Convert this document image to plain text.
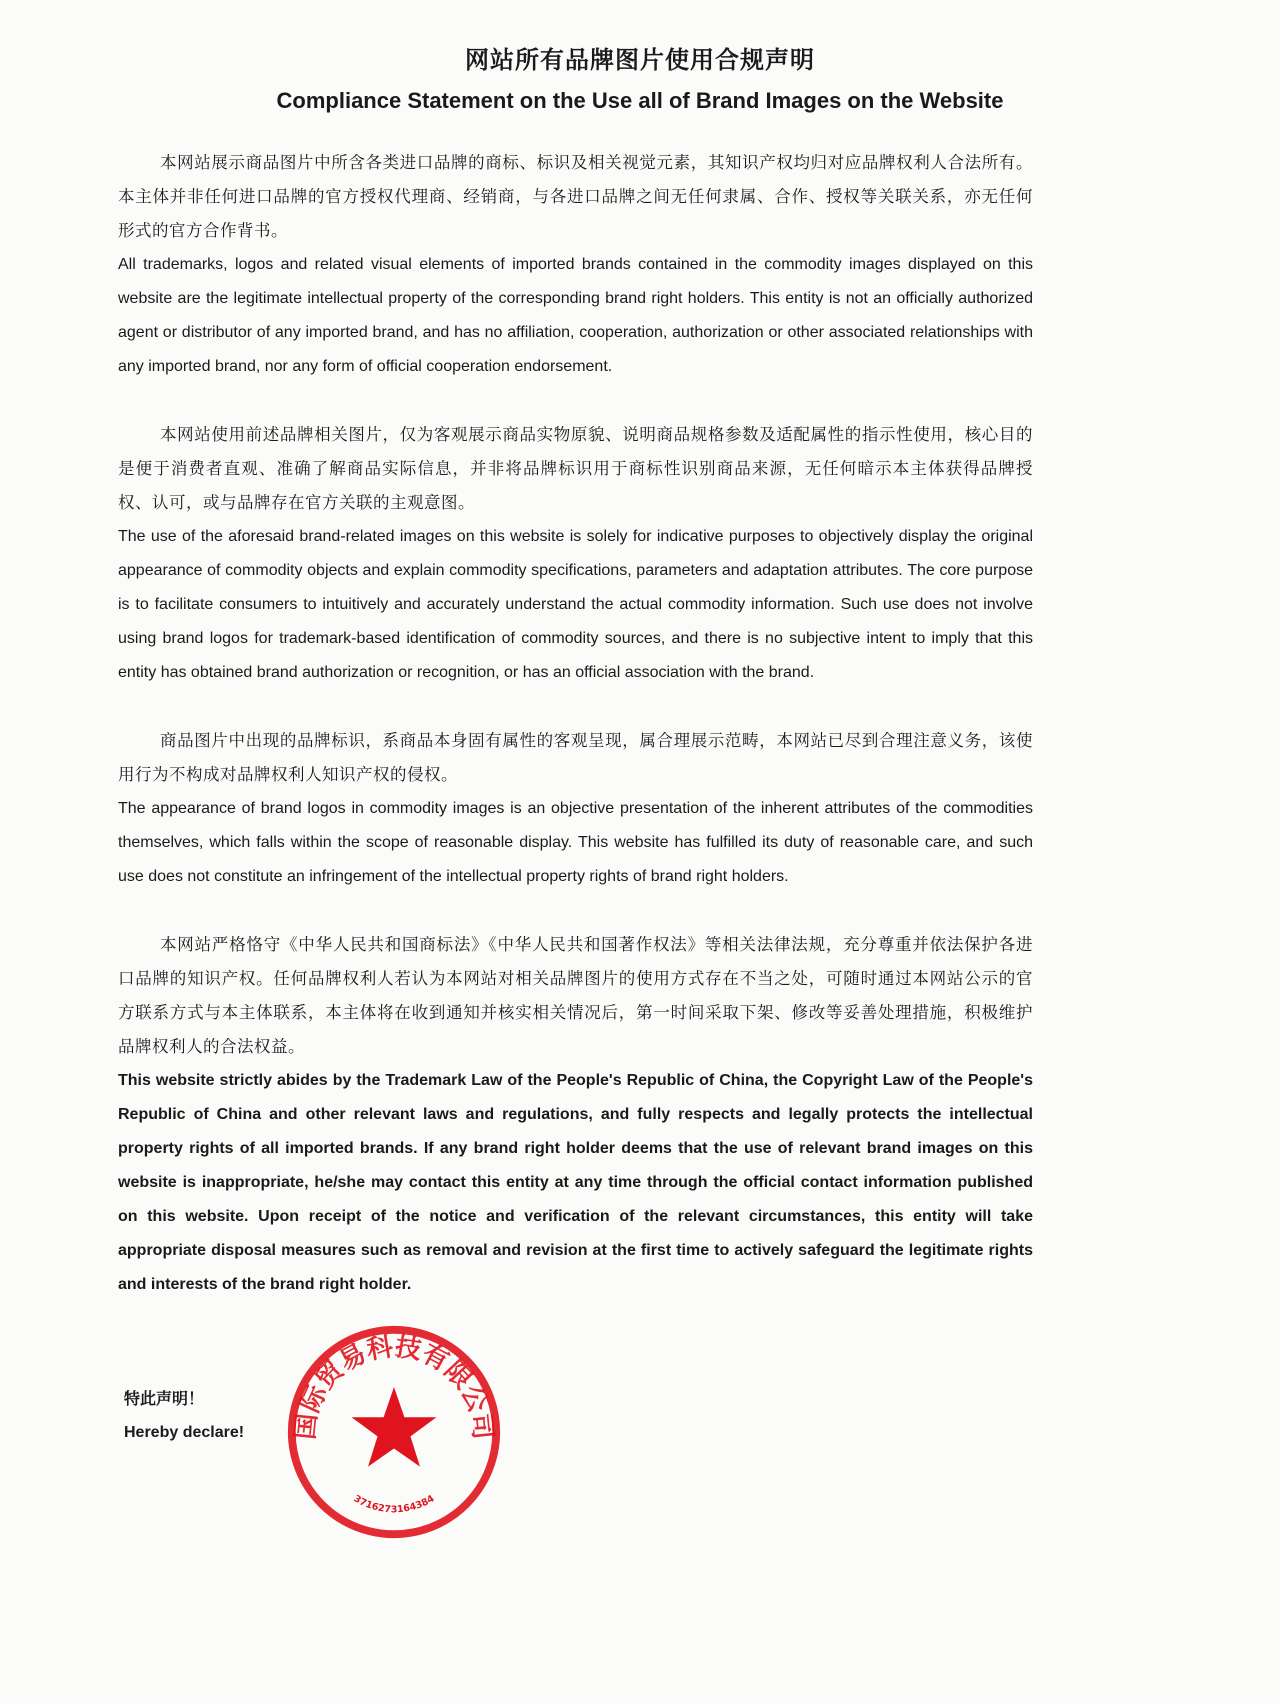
网站所有品牌图片使用合规声明
Compliance Statement on the Use all of Brand Images on the Website

本网站展示商品图片中所含各类进口品牌的商标、标识及相关视觉元素，其知识产权均归对应品牌权利人合法所有。本主体并非任何进口品牌的官方授权代理商、经销商，与各进口品牌之间无任何隶属、合作、授权等关联关系，亦无任何形式的官方合作背书。

All trademarks, logos and related visual elements of imported brands contained in the commodity images displayed on this website are the legitimate intellectual property of the corresponding brand right holders. This entity is not an officially authorized agent or distributor of any imported brand, and has no affiliation, cooperation, authorization or other associated relationships with any imported brand, nor any form of official cooperation endorsement.

本网站使用前述品牌相关图片，仅为客观展示商品实物原貌、说明商品规格参数及适配属性的指示性使用，核心目的是便于消费者直观、准确了解商品实际信息，并非将品牌标识用于商标性识别商品来源，无任何暗示本主体获得品牌授权、认可，或与品牌存在官方关联的主观意图。

The use of the aforesaid brand-related images on this website is solely for indicative purposes to objectively display the original appearance of commodity objects and explain commodity specifications, parameters and adaptation attributes. The core purpose is to facilitate consumers to intuitively and accurately understand the actual commodity information. Such use does not involve using brand logos for trademark-based identification of commodity sources, and there is no subjective intent to imply that this entity has obtained brand authorization or recognition, or has an official association with the brand.

商品图片中出现的品牌标识，系商品本身固有属性的客观呈现，属合理展示范畴，本网站已尽到合理注意义务，该使用行为不构成对品牌权利人知识产权的侵权。

The appearance of brand logos in commodity images is an objective presentation of the inherent attributes of the commodities themselves, which falls within the scope of reasonable display. This website has fulfilled its duty of reasonable care, and such use does not constitute an infringement of the intellectual property rights of brand right holders.

本网站严格恪守《中华人民共和国商标法》《中华人民共和国著作权法》等相关法律法规，充分尊重并依法保护各进口品牌的知识产权。任何品牌权利人若认为本网站对相关品牌图片的使用方式存在不当之处，可随时通过本网站公示的官方联系方式与本主体联系，本主体将在收到通知并核实相关情况后，第一时间采取下架、修改等妥善处理措施，积极维护品牌权利人的合法权益。

This website strictly abides by the Trademark Law of the People's Republic of China, the Copyright Law of the People's Republic of China and other relevant laws and regulations, and fully respects and legally protects the intellectual property rights of all imported brands. If any brand right holder deems that the use of relevant brand images on this website is inappropriate, he/she may contact this entity at any time through the official contact information published on this website. Upon receipt of the notice and verification of the relevant circumstances, this entity will take appropriate disposal measures such as removal and revision at the first time to actively safeguard the legitimate rights and interests of the brand right holder.

特此声明！
Hereby declare! 国际贸易科技有限公司
3716273164384
